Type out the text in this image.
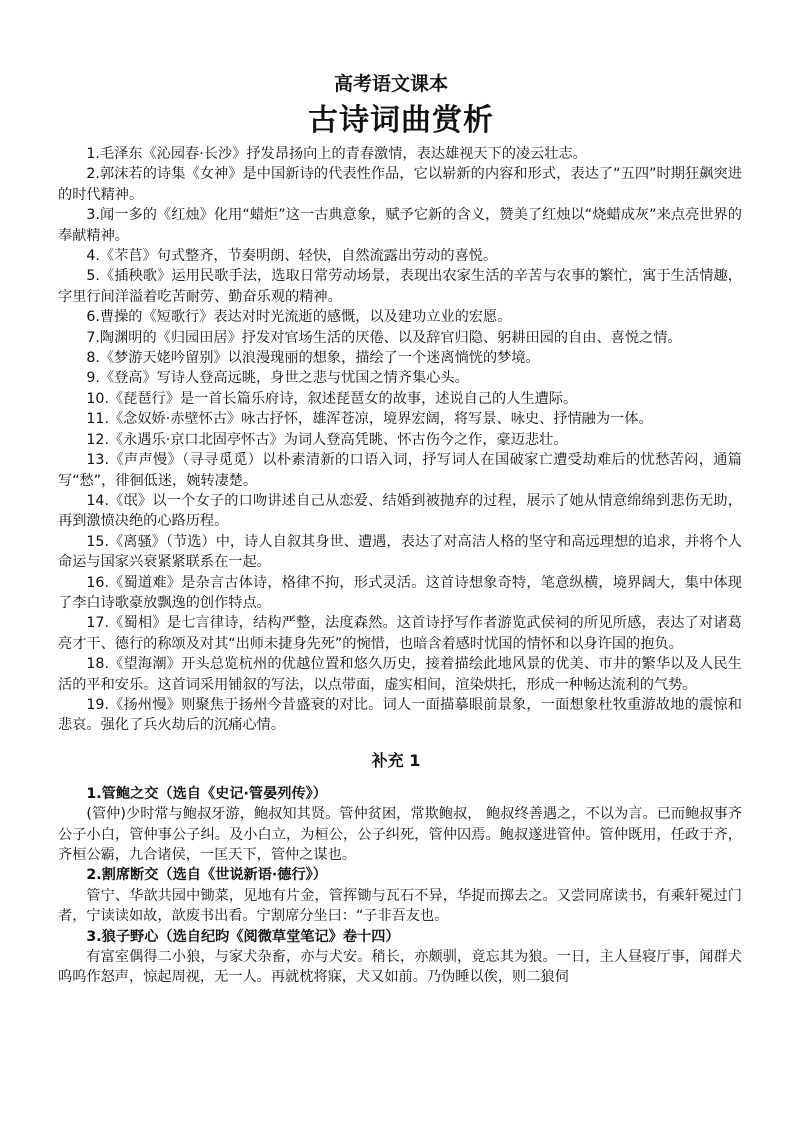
高考语文课本
古诗词曲赏析

1.毛泽东《沁园春·长沙》抒发昂扬向上的青春激情，表达雄视天下的凌云壮志。

2.郭沫若的诗集《女神》是中国新诗的代表性作品，它以崭新的内容和形式，表达了“五四”时期狂飙突进的时代精神。

3.闻一多的《红烛》化用“蜡炬”这一古典意象，赋予它新的含义，赞美了红烛以“烧蜡成灰”来点亮世界的奉献精神。

4.《芣苢》句式整齐，节奏明朗、轻快，自然流露出劳动的喜悦。

5.《插秧歌》运用民歌手法，选取日常劳动场景，表现出农家生活的辛苦与农事的繁忙，寓于生活情趣，字里行间洋溢着吃苦耐劳、勤奋乐观的精神。

6.曹操的《短歌行》表达对时光流逝的感慨，以及建功立业的宏愿。

7.陶渊明的《归园田居》抒发对官场生活的厌倦、以及辞官归隐、躬耕田园的自由、喜悦之情。

8.《梦游天姥吟留别》以浪漫瑰丽的想象，描绘了一个迷离惝恍的梦境。

9.《登高》写诗人登高远眺，身世之悲与忧国之情齐集心头。

10.《琵琶行》是一首长篇乐府诗，叙述琵琶女的故事，述说自己的人生遭际。

11.《念奴娇·赤壁怀古》咏古抒怀，雄浑苍凉，境界宏阔，将写景、咏史、抒情融为一体。

12.《永遇乐·京口北固亭怀古》为词人登高凭眺、怀古伤今之作，豪迈悲壮。

13.《声声慢》（寻寻觅觅）以朴素清新的口语入词，抒写词人在国破家亡遭受劫难后的忧愁苦闷，通篇写“愁”，徘徊低迷，婉转凄楚。

14.《氓》以一个女子的口吻讲述自己从恋爱、结婚到被抛弃的过程，展示了她从情意绵绵到悲伤无助，再到激愤决绝的心路历程。

15.《离骚》（节选）中，诗人自叙其身世、遭遇，表达了对高洁人格的坚守和高远理想的追求，并将个人命运与国家兴衰紧紧联系在一起。

16.《蜀道难》是杂言古体诗，格律不拘，形式灵活。这首诗想象奇特，笔意纵横，境界阔大，集中体现了李白诗歌豪放飘逸的创作特点。

17.《蜀相》是七言律诗，结构严整，法度森然。这首诗抒写作者游览武侯祠的所见所感，表达了对诸葛亮才干、德行的称颂及对其“出师未捷身先死”的惋惜，也暗含着感时忧国的情怀和以身许国的抱负。

18.《望海潮》开头总览杭州的优越位置和悠久历史，接着描绘此地风景的优美、市井的繁华以及人民生活的平和安乐。这首词采用铺叙的写法，以点带面，虚实相间，渲染烘托，形成一种畅达流利的气势。

19.《扬州慢》则聚焦于扬州今昔盛衰的对比。词人一面描摹眼前景象，一面想象杜牧重游故地的震惊和悲哀。强化了兵火劫后的沉痛心情。

补充 1

1.管鲍之交（选自《史记·管晏列传》）

(管仲)少时常与鲍叔牙游，鲍叔知其贤。管仲贫困，常欺鲍叔， 鲍叔终善遇之，不以为言。已而鲍叔事齐公子小白，管仲事公子纠。及小白立，为桓公，公子纠死，管仲囚焉。鲍叔遂进管仲。管仲既用，任政于齐，齐桓公霸，九合诸侯，一匡天下，管仲之谋也。

2.割席断交（选自《世说新语·德行》）

管宁、华歆共园中锄菜，见地有片金，管挥锄与瓦石不异，华捉而掷去之。又尝同席读书，有乘轩冕过门者，宁读读如故，歆废书出看。宁割席分坐曰：“子非吾友也。

3.狼子野心（选自纪昀《阅微草堂笔记》卷十四）

有富室偶得二小狼，与家犬杂畜，亦与犬安。稍长，亦颇驯，竟忘其为狼。一日，主人昼寝厅事，闻群犬呜呜作怒声，惊起周视，无一人。再就枕将寐，犬又如前。乃伪睡以俟，则二狼伺
